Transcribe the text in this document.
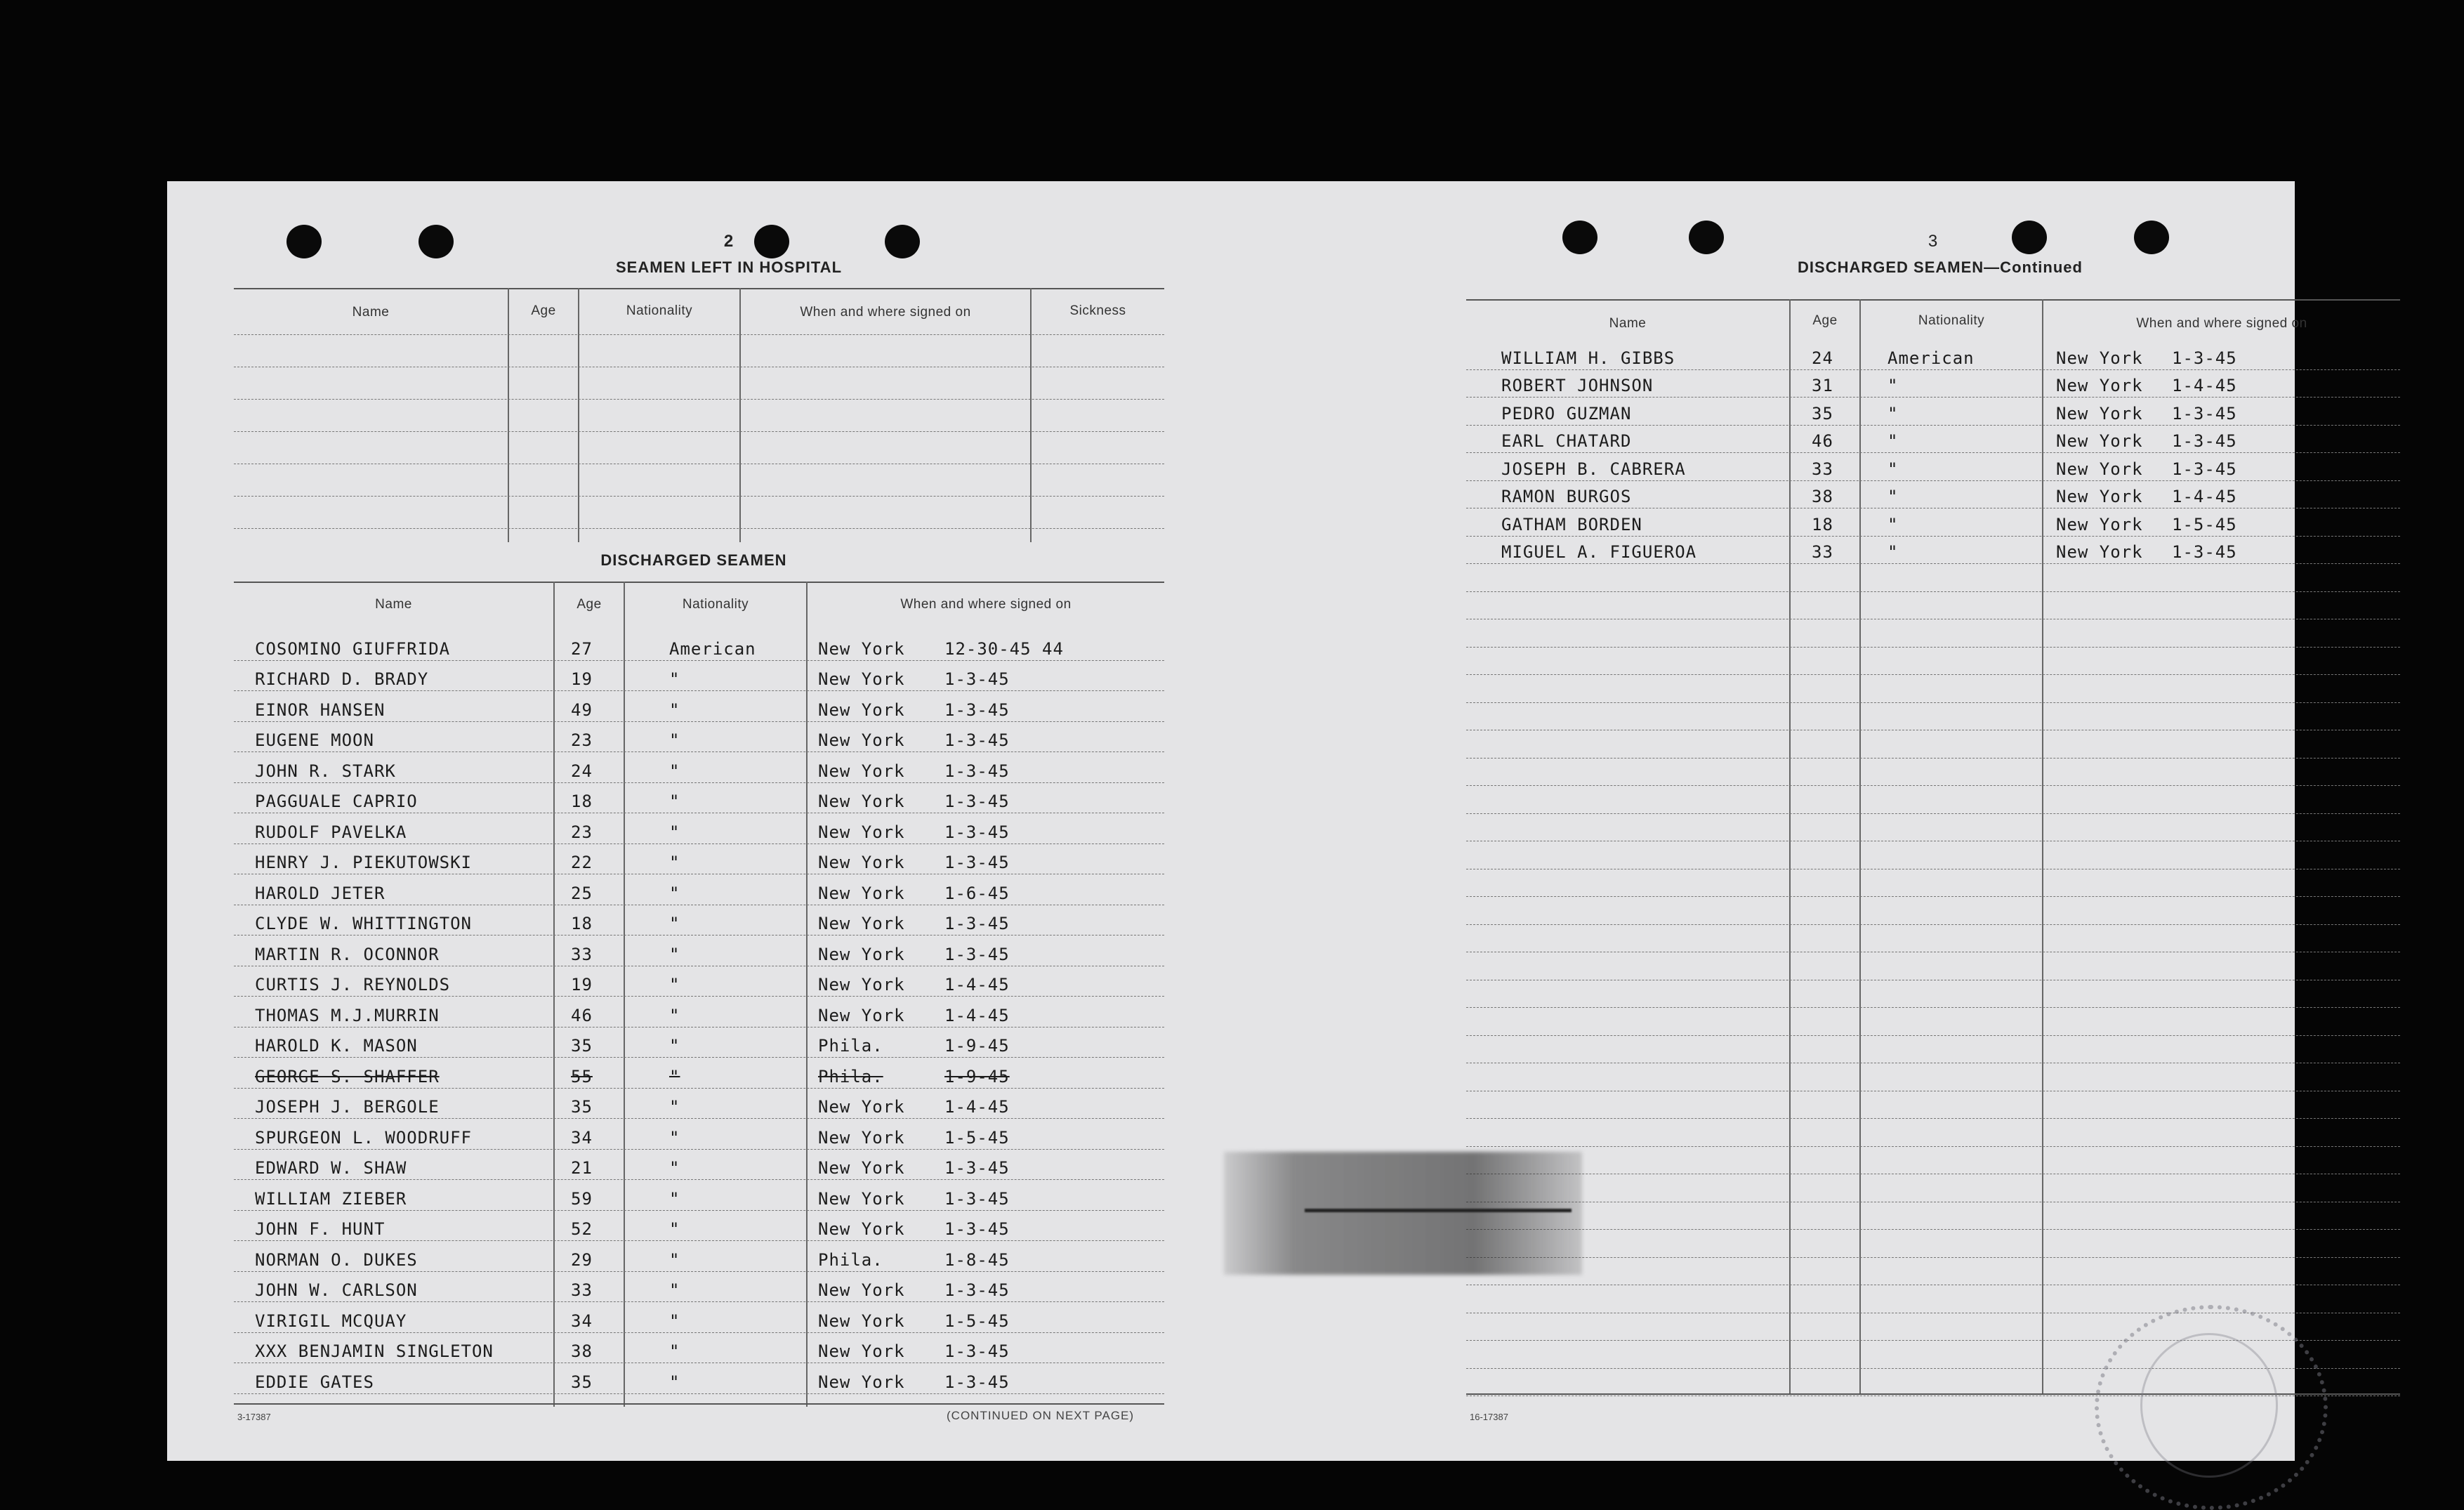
2
SEAMEN LEFT IN HOSPITAL
Name	Age	Nationality	When and where signed on	Sickness
DISCHARGED SEAMEN
Name	Age	Nationality	When and where signed on
COSOMINO GIUFFRIDA	27	American	New York 12-30-45 44
RICHARD D. BRADY	19	"	New York 1-3-45
EINOR HANSEN	49	"	New York 1-3-45
EUGENE MOON	23	"	New York 1-3-45
JOHN R. STARK	24	"	New York 1-3-45
PAGGUALE CAPRIO	18	"	New York 1-3-45
RUDOLF PAVELKA	23	"	New York 1-3-45
HENRY J. PIEKUTOWSKI	22	"	New York 1-3-45
HAROLD JETER	25	"	New York 1-6-45
CLYDE W. WHITTINGTON	18	"	New York 1-3-45
MARTIN R. OCONNOR	33	"	New York 1-3-45
CURTIS J. REYNOLDS	19	"	New York 1-4-45
THOMAS M.J.MURRIN	46	"	New York 1-4-45
HAROLD K. MASON	35	"	Phila.	1-9-45
GEORGE S. SHAFFER	55	"	Phila.	1-9-45
JOSEPH J. BERGOLE	35	"	New York 1-4-45
SPURGEON L. WOODRUFF	34	"	New York 1-5-45
EDWARD W. SHAW	21	"	New York 1-3-45
WILLIAM ZIEBER	59	"	New York 1-3-45
JOHN F. HUNT	52	"	New York 1-3-45
NORMAN O. DUKES	29	"	Phila.	1-8-45
JOHN W. CARLSON	33	"	New York 1-3-45
VIRIGIL MCQUAY	34	"	New York 1-5-45
XXX BENJAMIN SINGLETON	38	"	New York 1-3-45
EDDIE GATES	35	"	New York 1-3-45
3-17387	(CONTINUED ON NEXT PAGE)
3
DISCHARGED SEAMEN—Continued
Name	Age	Nationality	When and where signed on
WILLIAM H. GIBBS	24	American	New York 1-3-45
ROBERT JOHNSON	31	"	New York 1-4-45
PEDRO GUZMAN	35	"	New York 1-3-45
EARL CHATARD	46	"	New York 1-3-45
JOSEPH B. CABRERA	33	"	New York 1-3-45
RAMON BURGOS	38	"	New York 1-4-45
GATHAM BORDEN	18	"	New York 1-5-45
MIGUEL A. FIGUEROA	33	"	New York 1-3-45
16-17387
